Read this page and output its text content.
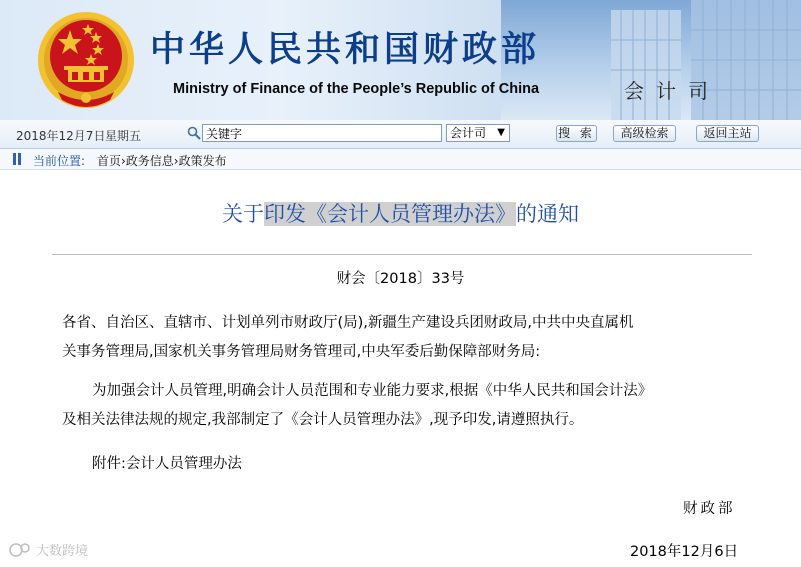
中华人民共和国财政部
Ministry of Finance of the People’s Republic of China	会计司
2018年12月7日 星期五
关键字	会计司 ▼	搜 索	高级检索	返回主站
当前位置: 首页›政务信息›政策发布
关于印发《会计人员管理办法》的通知
财会〔2018〕33号
各省、自治区、直辖市、计划单列市财政厅(局),新疆生产建设兵团财政局,中共中央直属机
关事务管理局,国家机关事务管理局财务管理司,中央军委后勤保障部财务局:
为加强会计人员管理,明确会计人员范围和专业能力要求,根据《中华人民共和国会计法》
及相关法律法规的规定,我部制定了《会计人员管理办法》,现予印发,请遵照执行。
附件:会计人员管理办法
财政部
2018年12月6日
大数跨境
